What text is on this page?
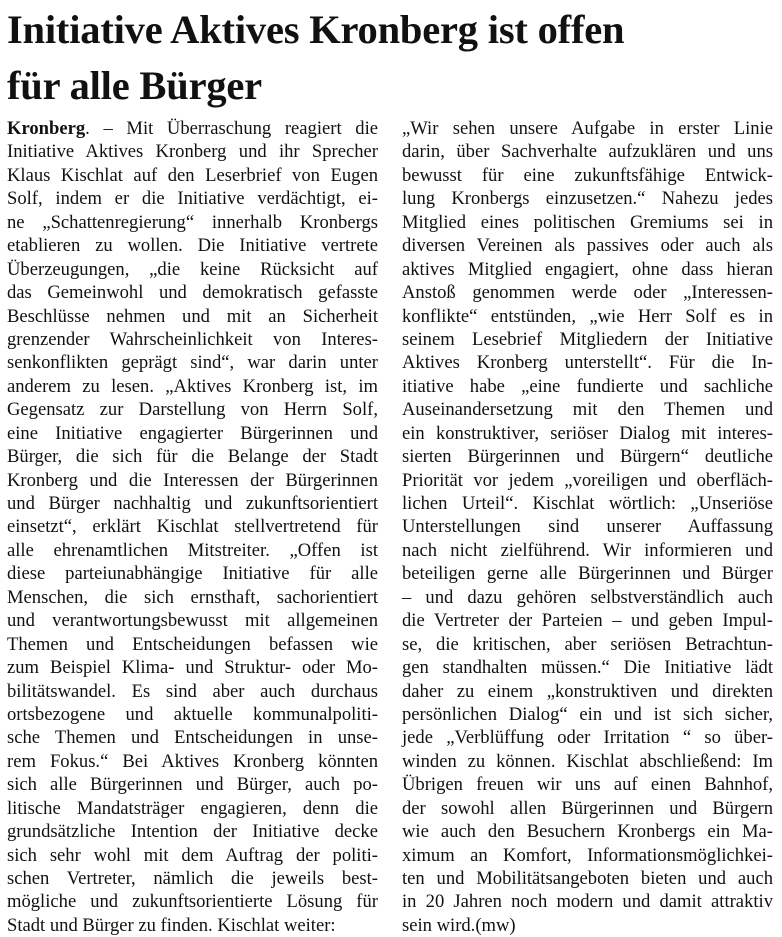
Initiative Aktives Kronberg ist offen
für alle Bürger
Kronberg. – Mit Überraschung reagiert die
Initiative Aktives Kronberg und ihr Sprecher
Klaus Kischlat auf den Leserbrief von Eugen
Solf, indem er die Initiative verdächtigt, ei-
ne „Schattenregierung“ innerhalb Kronbergs
etablieren zu wollen. Die Initiative vertrete
Überzeugungen, „die keine Rücksicht auf
das Gemeinwohl und demokratisch gefasste
Beschlüsse nehmen und mit an Sicherheit
grenzender Wahrscheinlichkeit von Interes-
senkonflikten geprägt sind“, war darin unter
anderem zu lesen. „Aktives Kronberg ist, im
Gegensatz zur Darstellung von Herrn Solf,
eine Initiative engagierter Bürgerinnen und
Bürger, die sich für die Belange der Stadt
Kronberg und die Interessen der Bürgerinnen
und Bürger nachhaltig und zukunftsorientiert
einsetzt“, erklärt Kischlat stellvertretend für
alle ehrenamtlichen Mitstreiter. „Offen ist
diese parteiunabhängige Initiative für alle
Menschen, die sich ernsthaft, sachorientiert
und verantwortungsbewusst mit allgemeinen
Themen und Entscheidungen befassen wie
zum Beispiel Klima- und Struktur- oder Mo-
bilitätswandel. Es sind aber auch durchaus
ortsbezogene und aktuelle kommunalpoliti-
sche Themen und Entscheidungen in unse-
rem Fokus.“ Bei Aktives Kronberg könnten
sich alle Bürgerinnen und Bürger, auch po-
litische Mandatsträger engagieren, denn die
grundsätzliche Intention der Initiative decke
sich sehr wohl mit dem Auftrag der politi-
schen Vertreter, nämlich die jeweils best-
mögliche und zukunftsorientierte Lösung für
Stadt und Bürger zu finden. Kischlat weiter:
„Wir sehen unsere Aufgabe in erster Linie
darin, über Sachverhalte aufzuklären und uns
bewusst für eine zukunftsfähige Entwick-
lung Kronbergs einzusetzen.“ Nahezu jedes
Mitglied eines politischen Gremiums sei in
diversen Vereinen als passives oder auch als
aktives Mitglied engagiert, ohne dass hieran
Anstoß genommen werde oder „Interessen-
konflikte“ entstünden, „wie Herr Solf es in
seinem Lesebrief Mitgliedern der Initiative
Aktives Kronberg unterstellt“. Für die In-
itiative habe „eine fundierte und sachliche
Auseinandersetzung mit den Themen und
ein konstruktiver, seriöser Dialog mit interes-
sierten Bürgerinnen und Bürgern“ deutliche
Priorität vor jedem „voreiligen und oberfläch-
lichen Urteil“. Kischlat wörtlich: „Unseriöse
Unterstellungen sind unserer Auffassung
nach nicht zielführend. Wir informieren und
beteiligen gerne alle Bürgerinnen und Bürger
– und dazu gehören selbstverständlich auch
die Vertreter der Parteien – und geben Impul-
se, die kritischen, aber seriösen Betrachtun-
gen standhalten müssen.“ Die Initiative lädt
daher zu einem „konstruktiven und direkten
persönlichen Dialog“ ein und ist sich sicher,
jede „Verblüffung oder Irritation “ so über-
winden zu können. Kischlat abschließend: Im
Übrigen freuen wir uns auf einen Bahnhof,
der sowohl allen Bürgerinnen und Bürgern
wie auch den Besuchern Kronbergs ein Ma-
ximum an Komfort, Informationsmöglichkei-
ten und Mobilitätsangeboten bieten und auch
in 20 Jahren noch modern und damit attraktiv
sein wird.(mw)
